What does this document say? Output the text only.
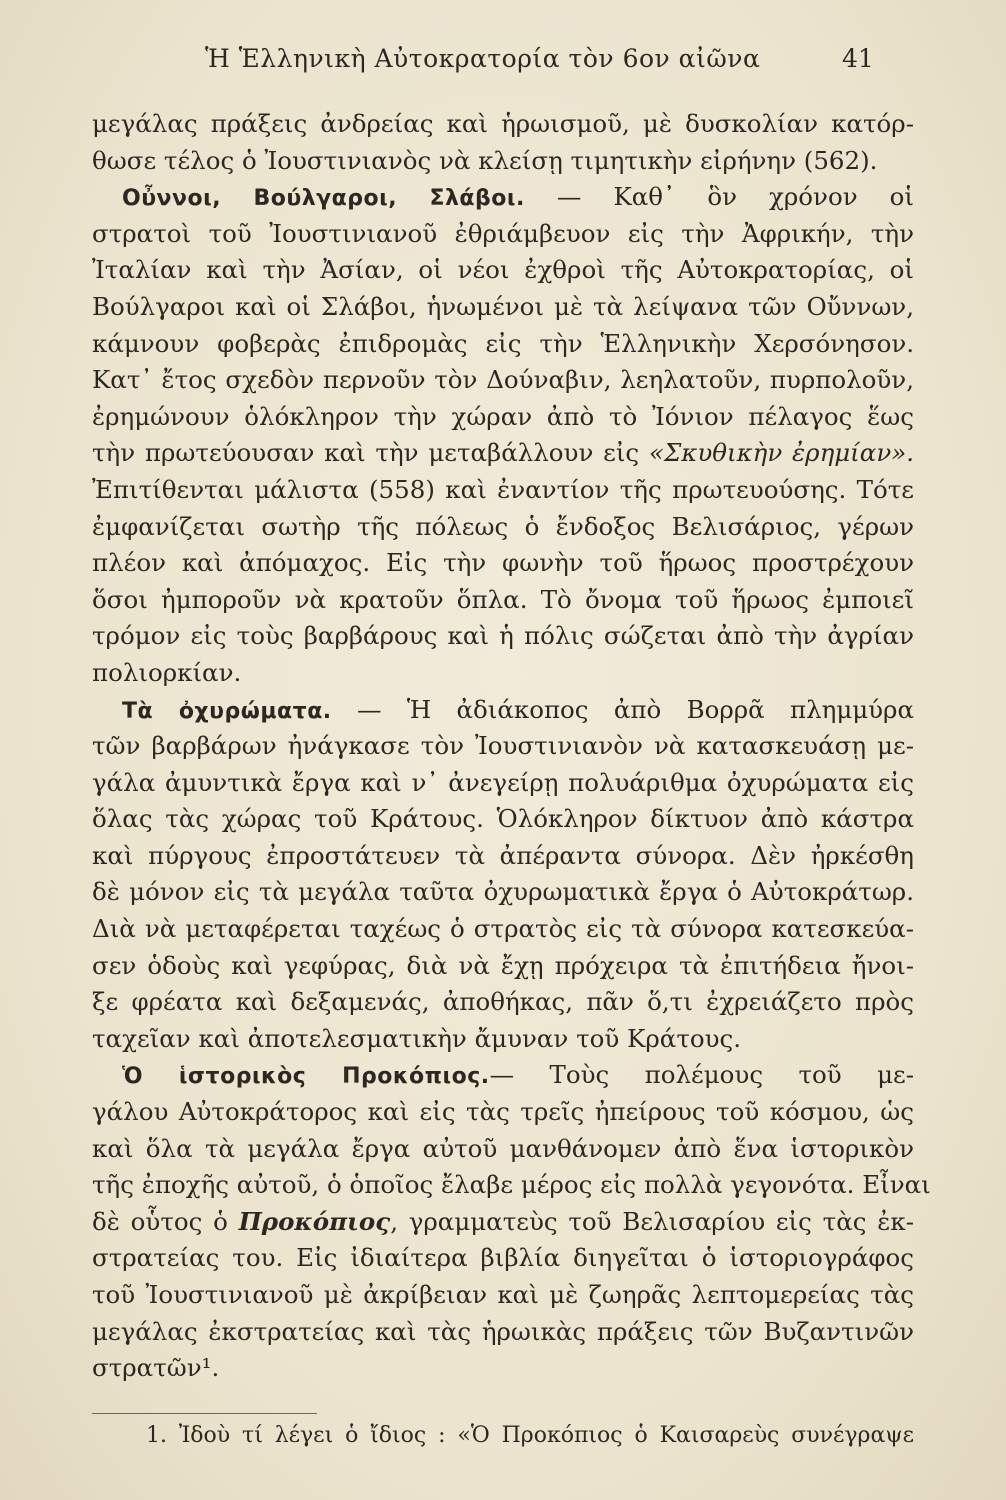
Ἡ Ἑλληνικὴ Αὐτοκρατορία τὸν 6ον αἰῶνα	41
μεγάλας πράξεις ἀνδρείας καὶ ἡρωισμοῦ, μὲ δυσκολίαν κατόρ-
θωσε τέλος ὁ Ἰουστινιανὸς νὰ κλείσῃ τιμητικὴν εἰρήνην (562).
Οὖννοι, Βούλγαροι, Σλάβοι. — Καθ᾽ ὃν χρόνον οἱ
στρατοὶ τοῦ Ἰουστινιανοῦ ἐθριάμβευον εἰς τὴν Ἀφρικήν, τὴν
Ἰταλίαν καὶ τὴν Ἀσίαν, οἱ νέοι ἐχθροὶ τῆς Αὐτοκρατορίας, οἱ
Βούλγαροι καὶ οἱ Σλάβοι, ἡνωμένοι μὲ τὰ λείψανα τῶν Οὔννων,
κάμνουν φοβερὰς ἐπιδρομὰς εἰς τὴν Ἑλληνικὴν Χερσόνησον.
Κατ᾽ ἔτος σχεδὸν περνοῦν τὸν Δούναβιν, λεηλατοῦν, πυρπολοῦν,
ἐρημώνουν ὁλόκληρον τὴν χώραν ἀπὸ τὸ Ἰόνιον πέλαγος ἕως
τὴν πρωτεύουσαν καὶ τὴν μεταβάλλουν εἰς «Σκυθικὴν ἐρημίαν».
Ἐπιτίθενται μάλιστα (558) καὶ ἐναντίον τῆς πρωτευούσης. Τότε
ἐμφανίζεται σωτὴρ τῆς πόλεως ὁ ἔνδοξος Βελισάριος, γέρων
πλέον καὶ ἀπόμαχος. Εἰς τὴν φωνὴν τοῦ ἥρωος προστρέχουν
ὅσοι ἠμποροῦν νὰ κρατοῦν ὅπλα. Τὸ ὄνομα τοῦ ἥρωος ἐμποιεῖ
τρόμον εἰς τοὺς βαρβάρους καὶ ἡ πόλις σώζεται ἀπὸ τὴν ἀγρίαν
πολιορκίαν.
Τὰ ὀχυρώματα. — Ἡ ἀδιάκοπος ἀπὸ Βορρᾶ πλημμύρα
τῶν βαρβάρων ἠνάγκασε τὸν Ἰουστινιανὸν νὰ κατασκευάσῃ με-
γάλα ἀμυντικὰ ἔργα καὶ ν᾽ ἀνεγείρῃ πολυάριθμα ὀχυρώματα εἰς
ὅλας τὰς χώρας τοῦ Κράτους. Ὁλόκληρον δίκτυον ἀπὸ κάστρα
καὶ πύργους ἐπροστάτευεν τὰ ἀπέραντα σύνορα. Δὲν ἠρκέσθη
δὲ μόνον εἰς τὰ μεγάλα ταῦτα ὀχυρωματικὰ ἔργα ὁ Αὐτοκράτωρ.
Διὰ νὰ μεταφέρεται ταχέως ὁ στρατὸς εἰς τὰ σύνορα κατεσκεύα-
σεν ὁδοὺς καὶ γεφύρας, διὰ νὰ ἔχῃ πρόχειρα τὰ ἐπιτήδεια ἤνοι-
ξε φρέατα καὶ δεξαμενάς, ἀποθήκας, πᾶν ὅ,τι ἐχρειάζετο πρὸς
ταχεῖαν καὶ ἀποτελεσματικὴν ἄμυναν τοῦ Κράτους.
Ὁ ἱστορικὸς Προκόπιος.— Τοὺς πολέμους τοῦ με-
γάλου Αὐτοκράτορος καὶ εἰς τὰς τρεῖς ἠπείρους τοῦ κόσμου, ὡς
καὶ ὅλα τὰ μεγάλα ἔργα αὐτοῦ μανθάνομεν ἀπὸ ἕνα ἱστορικὸν
τῆς ἐποχῆς αὐτοῦ, ὁ ὁποῖος ἔλαβε μέρος εἰς πολλὰ γεγονότα. Εἶναι
δὲ οὗτος ὁ Προκόπιος, γραμματεὺς τοῦ Βελισαρίου εἰς τὰς ἐκ-
στρατείας του. Εἰς ἰδιαίτερα βιβλία διηγεῖται ὁ ἱστοριογράφος
τοῦ Ἰουστινιανοῦ μὲ ἀκρίβειαν καὶ μὲ ζωηρᾶς λεπτομερείας τὰς
μεγάλας ἐκστρατείας καὶ τὰς ἡρωικὰς πράξεις τῶν Βυζαντινῶν
στρατῶν¹.
1. Ἰδοὺ τί λέγει ὁ ἴδιος : «Ὁ Προκόπιος ὁ Καισαρεὺς συνέγραψε
